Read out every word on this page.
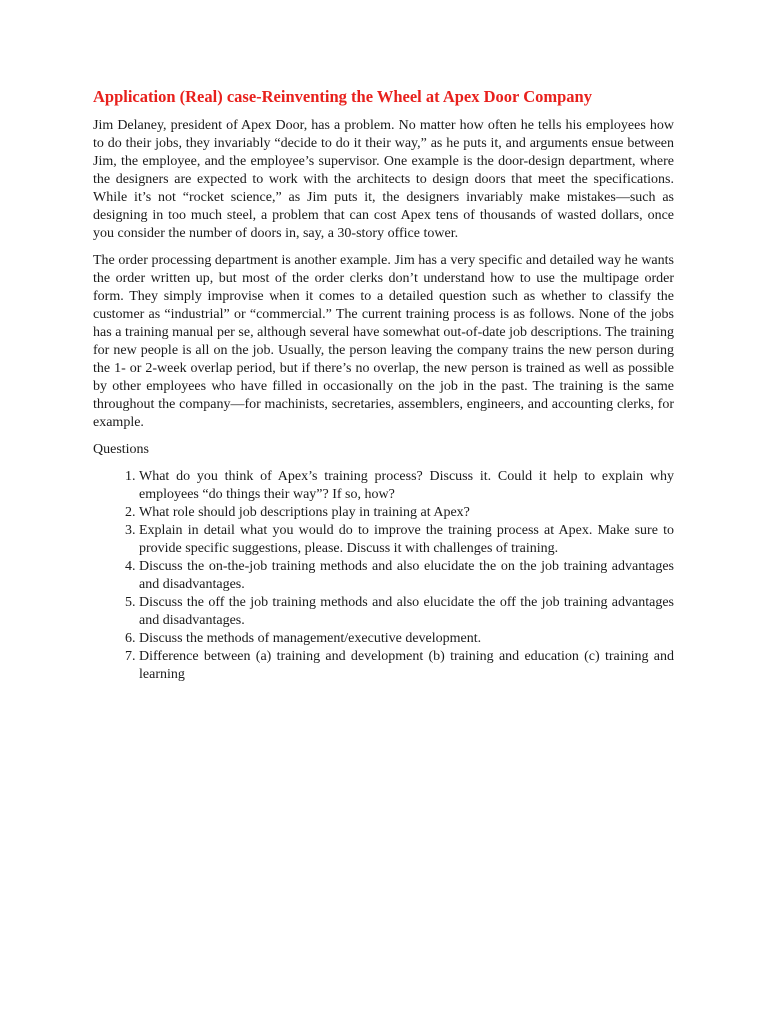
Application (Real) case-Reinventing the Wheel at Apex Door Company

Jim Delaney, president of Apex Door, has a problem. No matter how often he tells his employees how to do their jobs, they invariably “decide to do it their way,” as he puts it, and arguments ensue between Jim, the employee, and the employee’s supervisor. One example is the door-design department, where the designers are expected to work with the architects to design doors that meet the specifications. While it’s not “rocket science,” as Jim puts it, the designers invariably make mistakes—such as designing in too much steel, a problem that can cost Apex tens of thousands of wasted dollars, once you consider the number of doors in, say, a 30-story office tower.

The order processing department is another example. Jim has a very specific and detailed way he wants the order written up, but most of the order clerks don’t understand how to use the multipage order form. They simply improvise when it comes to a detailed question such as whether to classify the customer as “industrial” or “commercial.” The current training process is as follows. None of the jobs has a training manual per se, although several have somewhat out-of-date job descriptions. The training for new people is all on the job. Usually, the person leaving the company trains the new person during the 1- or 2-week overlap period, but if there’s no overlap, the new person is trained as well as possible by other employees who have filled in occasionally on the job in the past. The training is the same throughout the company—for machinists, secretaries, assemblers, engineers, and accounting clerks, for example.

Questions

1. What do you think of Apex’s training process? Discuss it. Could it help to explain why employees “do things their way”? If so, how?
2. What role should job descriptions play in training at Apex?
3. Explain in detail what you would do to improve the training process at Apex. Make sure to provide specific suggestions, please. Discuss it with challenges of training.
4. Discuss the on-the-job training methods and also elucidate the on the job training advantages and disadvantages.
5. Discuss the off the job training methods and also elucidate the off the job training advantages and disadvantages.
6. Discuss the methods of management/executive development.
7. Difference between (a) training and development (b) training and education (c) training and learning
